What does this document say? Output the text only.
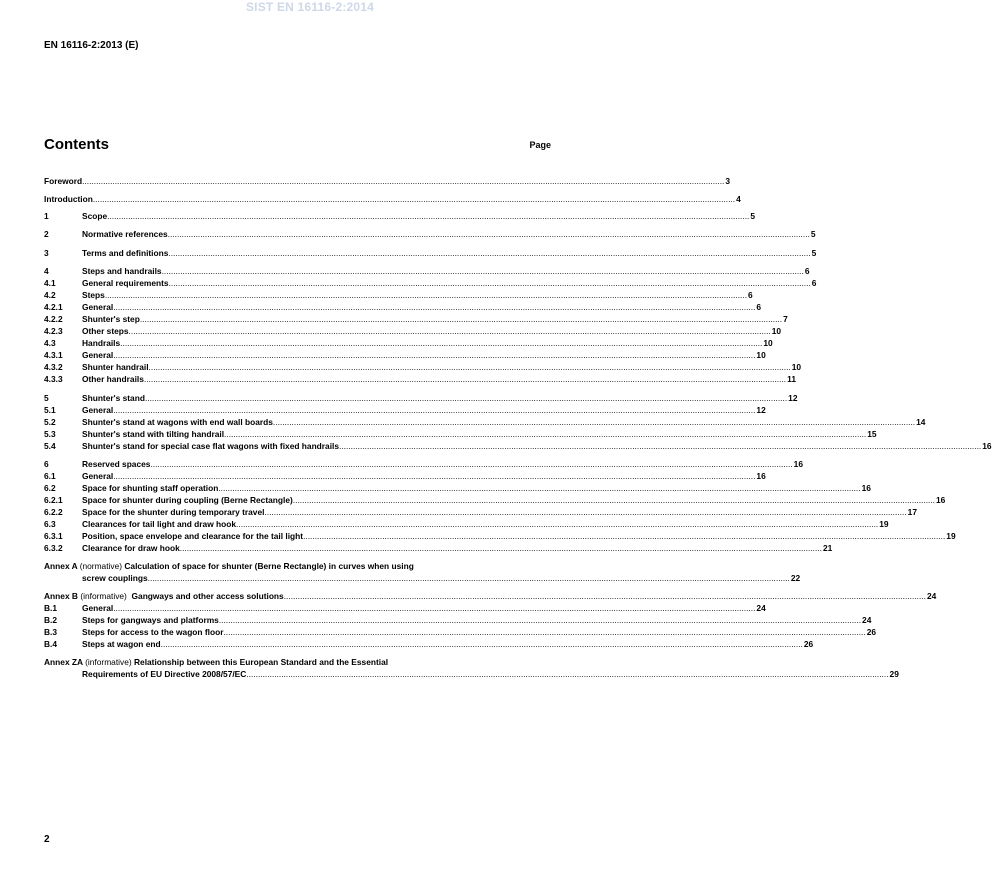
SIST EN 16116-2:2014
EN 16116-2:2013 (E)
Contents	Page
Foreword .....	3
Introduction .....	4
1	Scope .....	5
2	Normative references .....	5
3	Terms and definitions .....	5
4	Steps and handrails .....	6
4.1	General requirements .....	6
4.2	Steps .....	6
4.2.1	General .....	6
4.2.2	Shunter's step .....	7
4.2.3	Other steps .....	10
4.3	Handrails .....	10
4.3.1	General .....	10
4.3.2	Shunter handrail .....	10
4.3.3	Other handrails .....	11
5	Shunter's stand .....	12
5.1	General .....	12
5.2	Shunter's stand at wagons with end wall boards .....	14
5.3	Shunter's stand with tilting handrail .....	15
5.4	Shunter's stand for special case flat wagons with fixed handrails .....	16
6	Reserved spaces .....	16
6.1	General .....	16
6.2	Space for shunting staff operation .....	16
6.2.1	Space for shunter during coupling (Berne Rectangle) .....	16
6.2.2	Space for the shunter during temporary travel .....	17
6.3	Clearances for tail light and draw hook .....	19
6.3.1	Position, space envelope and clearance for the tail light .....	19
6.3.2	Clearance for draw hook .....	21
Annex A (normative) Calculation of space for shunter (Berne Rectangle) in curves when using
screw couplings .....	22
Annex B (informative) Gangways and other access solutions .....	24
B.1	General .....	24
B.2	Steps for gangways and platforms .....	24
B.3	Steps for access to the wagon floor .....	26
B.4	Steps at wagon end .....	26
Annex ZA (informative) Relationship between this European Standard and the Essential
Requirements of EU Directive 2008/57/EC .....	29
2
